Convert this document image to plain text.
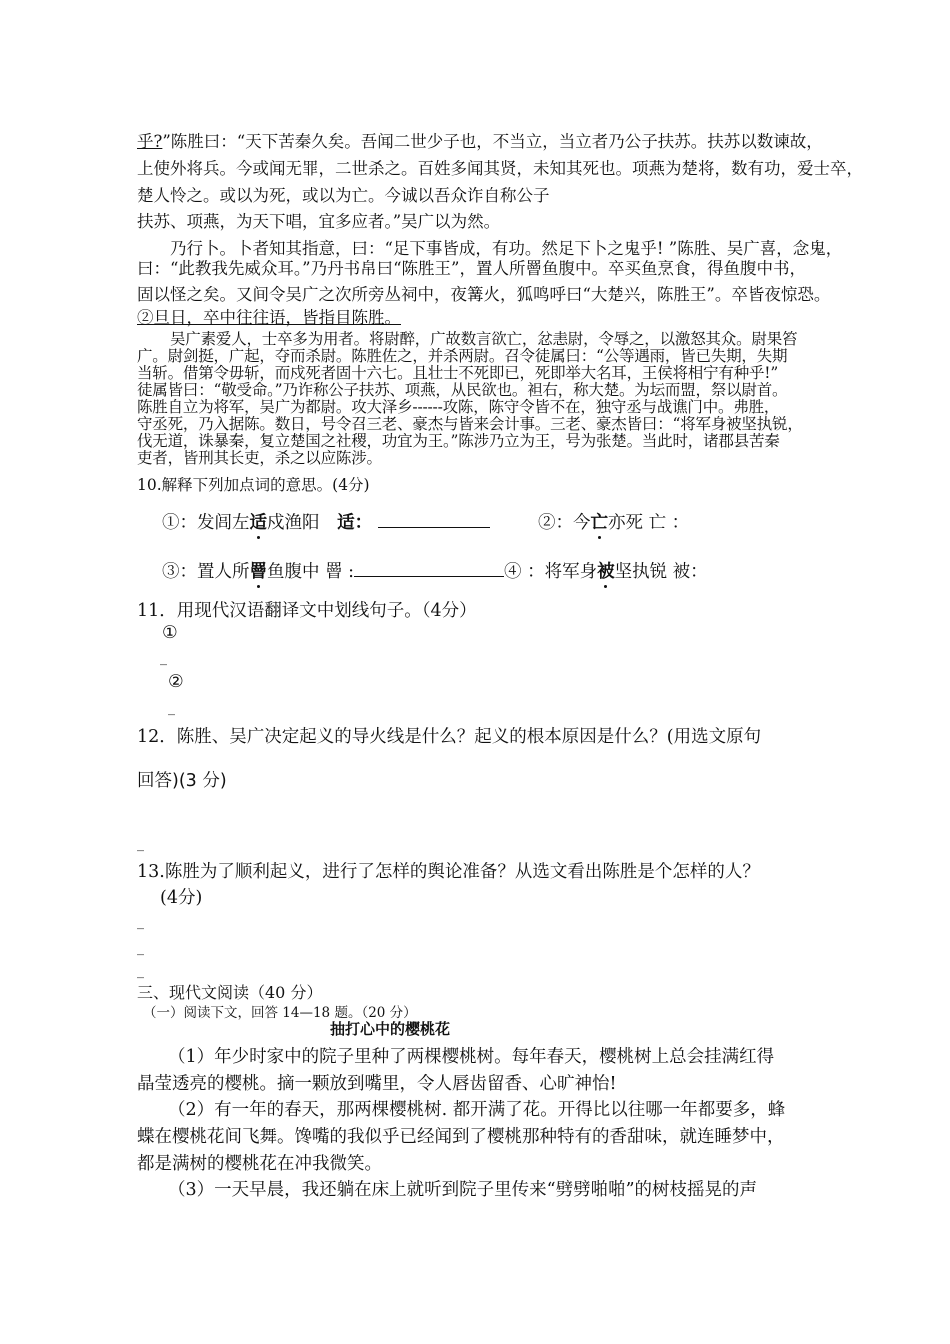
乎?”陈胜曰：“天下苦秦久矣。吾闻二世少子也，不当立，当立者乃公子扶苏。扶苏以数谏故，
上使外将兵。今或闻无罪，二世杀之。百姓多闻其贤，未知其死也。项燕为楚将，数有功，爱士卒，
楚人怜之。或以为死，或以为亡。今诚以吾众诈自称公子
扶苏、项燕，为天下唱，宜多应者。”吴广以为然。
乃行卜。卜者知其指意，曰：“足下事皆成，有功。然足下卜之鬼乎! ”陈胜、吴广喜，念鬼，
曰：“此教我先威众耳。”乃丹书帛曰“陈胜王”，置人所罾鱼腹中。卒买鱼烹食，得鱼腹中书，
固以怪之矣。又间令吴广之次所旁丛祠中，夜篝火，狐鸣呼曰“大楚兴，陈胜王”。卒皆夜惊恐。
②旦日，卒中往往语，皆指目陈胜。
吴广素爱人，士卒多为用者。将尉醉，广故数言欲亡，忿恚尉，令辱之，以激怒其众。尉果笞
广。尉剑挺，广起，夺而杀尉。陈胜佐之，并杀两尉。召令徒属曰：“公等遇雨，皆已失期，失期
当斩。借第令毋斩，而戍死者固十六七。且壮士不死即已，死即举大名耳，王侯将相宁有种乎!”
徒属皆曰：“敬受命。”乃诈称公子扶苏、项燕，从民欲也。袒右，称大楚。为坛而盟，祭以尉首。
陈胜自立为将军，吴广为都尉。攻大泽乡------攻陈，陈守令皆不在，独守丞与战谯门中。弗胜，
守丞死，乃入据陈。数日，号令召三老、豪杰与皆来会计事。三老、豪杰皆曰：“将军身被坚执锐，
伐无道，诛暴秦，复立楚国之社稷，功宜为王。”陈涉乃立为王，号为张楚。当此时，诸郡县苦秦
吏者，皆刑其长吏，杀之以应陈涉。
10.解释下列加点词的意思。(4分)
①：发闾左适戍渔阳 适：	②：今亡亦死 亡 ：
③：置人所罾鱼腹中 罾 :	④ ：将军身被坚执锐 被：
11．用现代汉语翻译文中划线句子。（4分）
①
_
②
_
12．陈胜、吴广决定起义的导火线是什么？起义的根本原因是什么？(用选文原句
回答)(3 分)
_
13.陈胜为了顺利起义，进行了怎样的舆论准备？从选文看出陈胜是个怎样的人？
(4分)
_
_
_
三、现代文阅读（40 分）
（一）阅读下文，回答 14—18 题。（20 分）
抽打心中的樱桃花
（1）年少时家中的院子里种了两棵樱桃树。每年春天，樱桃树上总会挂满红得
晶莹透亮的樱桃。摘一颗放到嘴里，令人唇齿留香、心旷神怡!
（2）有一年的春天，那两棵樱桃树. 都开满了花。开得比以往哪一年都要多，蜂
蝶在樱桃花间飞舞。馋嘴的我似乎已经闻到了樱桃那种特有的香甜味，就连睡梦中，
都是满树的樱桃花在冲我微笑。
（3）一天早晨，我还躺在床上就听到院子里传来“劈劈啪啪”的树枝摇晃的声
